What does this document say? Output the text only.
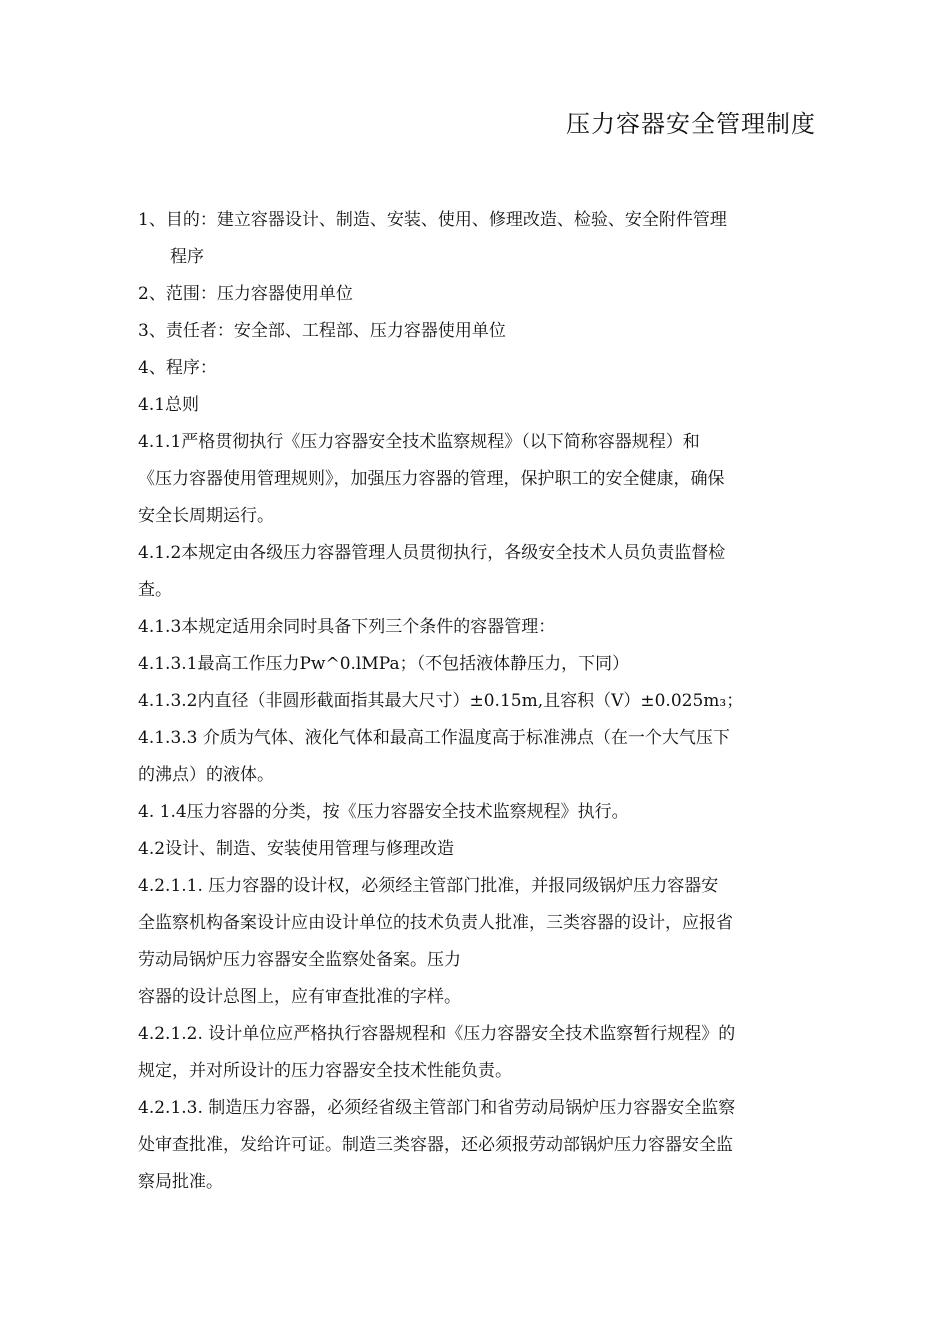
压力容器安全管理制度
1、目的：建立容器设计、制造、安装、使用、修理改造、检验、安全附件管理
程序
2、范围：压力容器使用单位
3、责任者：安全部、工程部、压力容器使用单位
4、程序：
4.1总则
4.1.1严格贯彻执行《压力容器安全技术监察规程》（以下简称容器规程）和
《压力容器使用管理规则》，加强压力容器的管理，保护职工的安全健康，确保
安全长周期运行。
4.1.2本规定由各级压力容器管理人员贯彻执行，各级安全技术人员负责监督检
查。
4.1.3本规定适用余同时具备下列三个条件的容器管理：
4.1.3.1最高工作压力Pw^0.lMPa；（不包括液体静压力，下同）
4.1.3.2内直径（非圆形截面指其最大尺寸）±0.15m,且容积（V）±0.025m₃；
4.1.3.3 介质为气体、液化气体和最高工作温度高于标准沸点（在一个大气压下
的沸点）的液体。
4. 1.4压力容器的分类，按《压力容器安全技术监察规程》执行。
4.2设计、制造、安装使用管理与修理改造
4.2.1.1. 压力容器的设计权，必须经主管部门批准，并报同级锅炉压力容器安
全监察机构备案设计应由设计单位的技术负责人批准，三类容器的设计，应报省
劳动局锅炉压力容器安全监察处备案。压力
容器的设计总图上，应有审查批准的字样。
4.2.1.2. 设计单位应严格执行容器规程和《压力容器安全技术监察暂行规程》的
规定，并对所设计的压力容器安全技术性能负责。
4.2.1.3. 制造压力容器，必须经省级主管部门和省劳动局锅炉压力容器安全监察
处审查批准，发给许可证。制造三类容器，还必须报劳动部锅炉压力容器安全监
察局批准。
